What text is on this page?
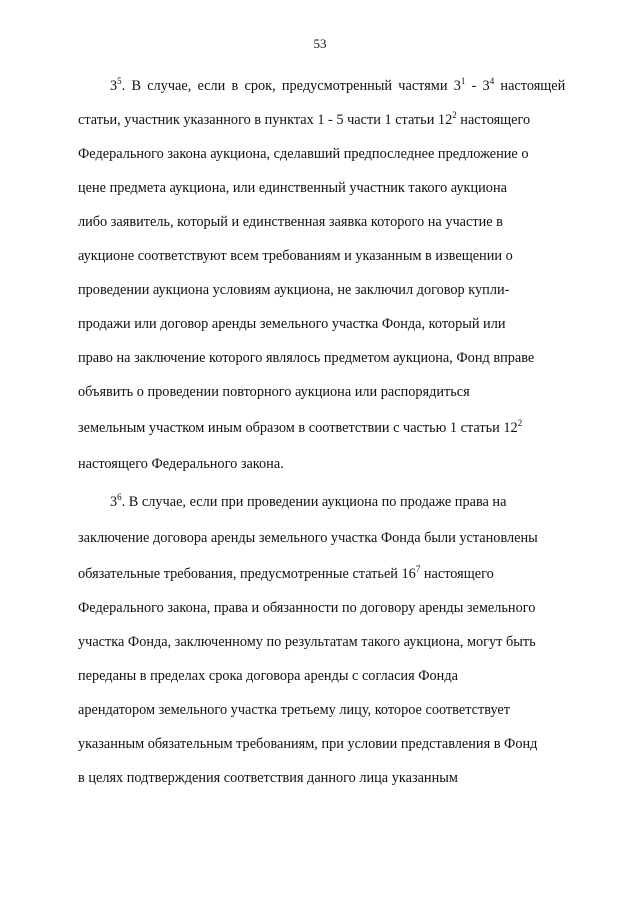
53
$3^5$. В случае, если в срок, предусмотренный частями $3^1 - 3^4$ настоящей
статьи, участник указанного в пунктах 1 - 5 части 1 статьи $12^2$ настоящего
Федерального закона аукциона, сделавший предпоследнее предложение о
цене предмета аукциона, или единственный участник такого аукциона
либо заявитель, который и единственная заявка которого на участие в
аукционе соответствуют всем требованиям и указанным в извещении о
проведении аукциона условиям аукциона, не заключил договор купли-
продажи или договор аренды земельного участка Фонда, который или
право на заключение которого являлось предметом аукциона, Фонд вправе
объявить о проведении повторного аукциона или распорядиться
земельным участком иным образом в соответствии с частью 1 статьи $12^2$
настоящего Федерального закона.
$3^6$. В случае, если при проведении аукциона по продаже права на
заключение договора аренды земельного участка Фонда были установлены
обязательные требования, предусмотренные статьей $16^7$ настоящего
Федерального закона, права и обязанности по договору аренды земельного
участка Фонда, заключенному по результатам такого аукциона, могут быть
переданы в пределах срока договора аренды с согласия Фонда
арендатором земельного участка третьему лицу, которое соответствует
указанным обязательным требованиям, при условии представления в Фонд
в целях подтверждения соответствия данного лица указанным
